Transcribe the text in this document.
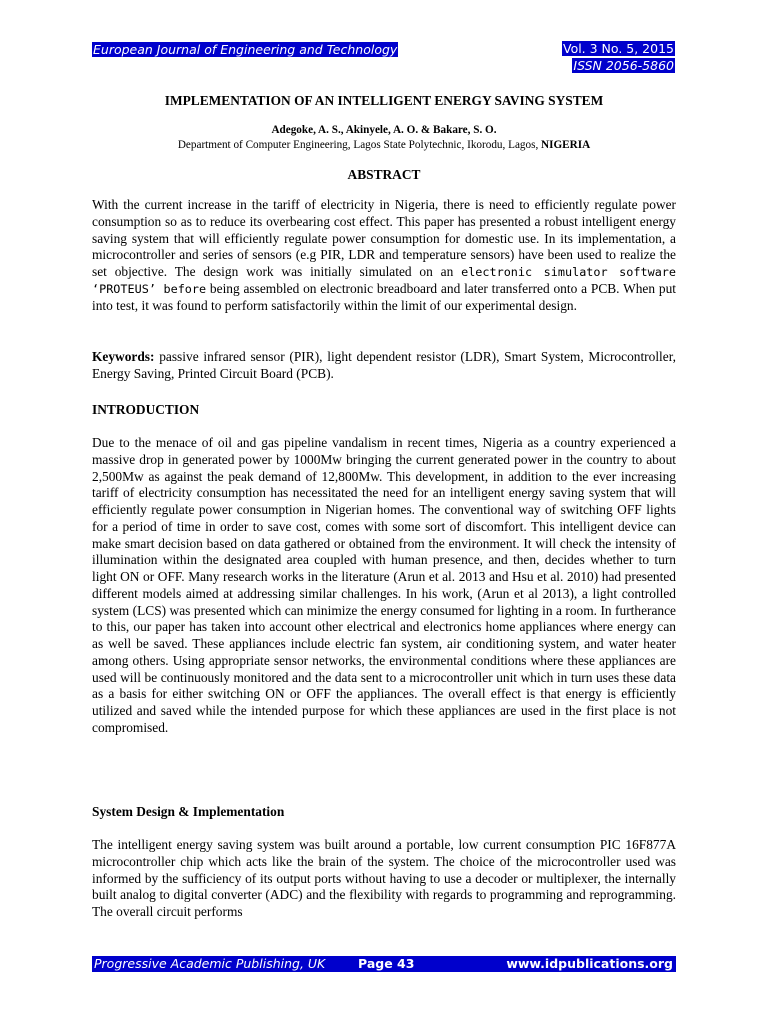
European Journal of Engineering and Technology	Vol. 3 No. 5, 2015
ISSN 2056-5860
IMPLEMENTATION OF AN INTELLIGENT ENERGY SAVING SYSTEM
Adegoke, A. S., Akinyele, A. O. & Bakare, S. O.
Department of Computer Engineering, Lagos State Polytechnic, Ikorodu, Lagos, NIGERIA
ABSTRACT

With the current increase in the tariff of electricity in Nigeria, there is need to efficiently regulate power consumption so as to reduce its overbearing cost effect. This paper has presented a robust intelligent energy saving system that will efficiently regulate power consumption for domestic use. In its implementation, a microcontroller and series of sensors (e.g PIR, LDR and temperature sensors) have been used to realize the set objective. The design work was initially simulated on an electronic simulator software ‘PROTEUS’ before being assembled on electronic breadboard and later transferred onto a PCB. When put into test, it was found to perform satisfactorily within the limit of our experimental design.

Keywords: passive infrared sensor (PIR), light dependent resistor (LDR), Smart System, Microcontroller, Energy Saving, Printed Circuit Board (PCB).

INTRODUCTION

Due to the menace of oil and gas pipeline vandalism in recent times, Nigeria as a country experienced a massive drop in generated power by 1000Mw bringing the current generated power in the country to about 2,500Mw as against the peak demand of 12,800Mw. This development, in addition to the ever increasing tariff of electricity consumption has necessitated the need for an intelligent energy saving system that will efficiently regulate power consumption in Nigerian homes. The conventional way of switching OFF lights for a period of time in order to save cost, comes with some sort of discomfort. This intelligent device can make smart decision based on data gathered or obtained from the environment. It will check the intensity of illumination within the designated area coupled with human presence, and then, decides whether to turn light ON or OFF. Many research works in the literature (Arun et al. 2013 and Hsu et al. 2010) had presented different models aimed at addressing similar challenges. In his work, (Arun et al 2013), a light controlled system (LCS) was presented which can minimize the energy consumed for lighting in a room. In furtherance to this, our paper has taken into account other electrical and electronics home appliances where energy can as well be saved. These appliances include electric fan system, air conditioning system, and water heater among others. Using appropriate sensor networks, the environmental conditions where these appliances are used will be continuously monitored and the data sent to a microcontroller unit which in turn uses these data as a basis for either switching ON or OFF the appliances. The overall effect is that energy is efficiently utilized and saved while the intended purpose for which these appliances are used in the first place is not compromised.

System Design & Implementation

The intelligent energy saving system was built around a portable, low current consumption PIC 16F877A microcontroller chip which acts like the brain of the system. The choice of the microcontroller used was informed by the sufficiency of its output ports without having to use a decoder or multiplexer, the internally built analog to digital converter (ADC) and the flexibility with regards to programming and reprogramming. The overall circuit performs

Progressive Academic Publishing, UK	Page 43	www.idpublications.org
